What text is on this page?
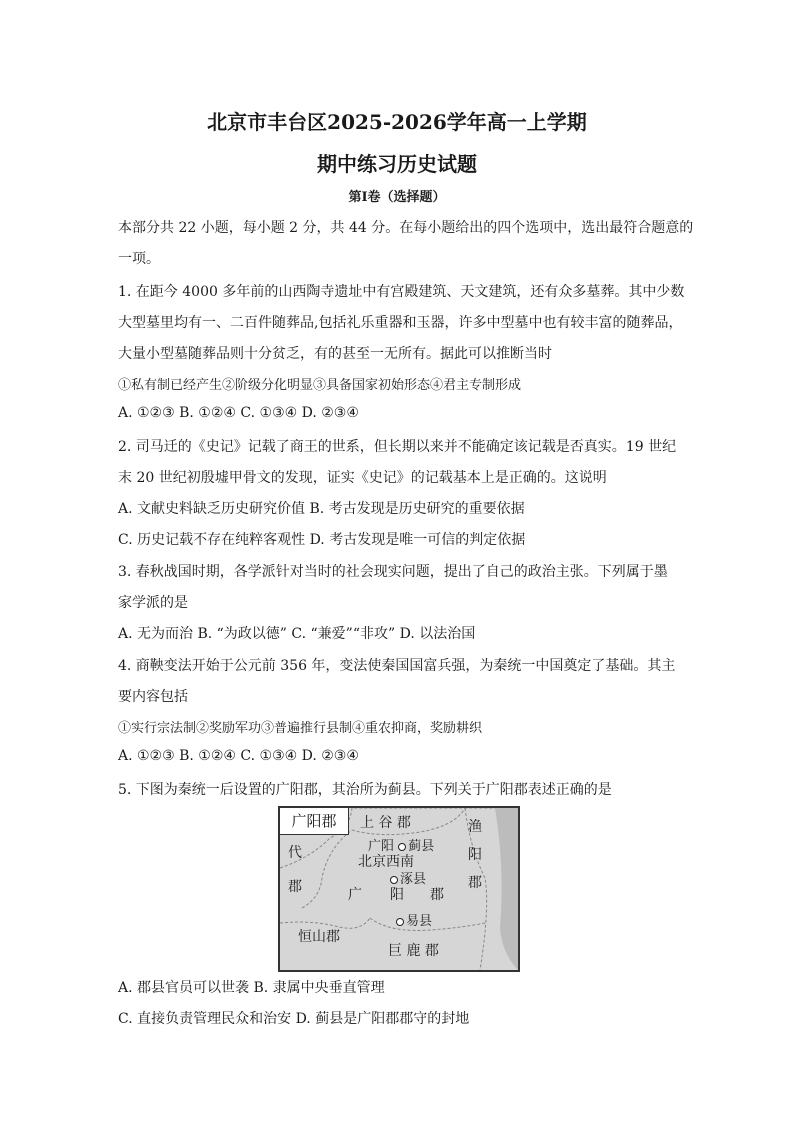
北京市丰台区2025-2026学年高一上学期
期中练习历史试题
第Ⅰ卷（选择题）
本部分共 22 小题，每小题 2 分，共 44 分。在每小题给出的四个选项中，选出最符合题意的
一项。
1. 在距今 4000 多年前的山西陶寺遗址中有宫殿建筑、天文建筑，还有众多墓葬。其中少数
大型墓里均有一、二百件随葬品,包括礼乐重器和玉器，许多中型墓中也有较丰富的随葬品，
大量小型墓随葬品则十分贫乏，有的甚至一无所有。据此可以推断当时
①私有制已经产生②阶级分化明显③具备国家初始形态④君主专制形成
A. ①②③ B. ①②④ C. ①③④ D. ②③④
2. 司马迁的《史记》记载了商王的世系，但长期以来并不能确定该记载是否真实。19 世纪
末 20 世纪初殷墟甲骨文的发现，证实《史记》的记载基本上是正确的。这说明
A. 文献史料缺乏历史研究价值 B. 考古发现是历史研究的重要依据
C. 历史记载不存在纯粹客观性 D. 考古发现是唯一可信的判定依据
3. 春秋战国时期，各学派针对当时的社会现实问题，提出了自己的政治主张。下列属于墨
家学派的是
A. 无为而治 B. “为政以德” C. “兼爱”“非攻” D. 以法治国
4. 商鞅变法开始于公元前 356 年，变法使秦国国富兵强，为秦统一中国奠定了基础。其主
要内容包括
①实行宗法制②奖励军功③普遍推行县制④重农抑商，奖励耕织
A. ①②③ B. ①②④ C. ①③④ D. ②③④
5. 下图为秦统一后设置的广阳郡，其治所为蓟县。下列关于广阳郡表述正确的是
广阳郡	上 谷 郡	渔
阳
郡
代
郡
广阳 蓟县
北京西南
涿县
广 阳 郡
易县
恒山郡
巨 鹿 郡
A. 郡县官员可以世袭 B. 隶属中央垂直管理
C. 直接负责管理民众和治安 D. 蓟县是广阳郡郡守的封地
